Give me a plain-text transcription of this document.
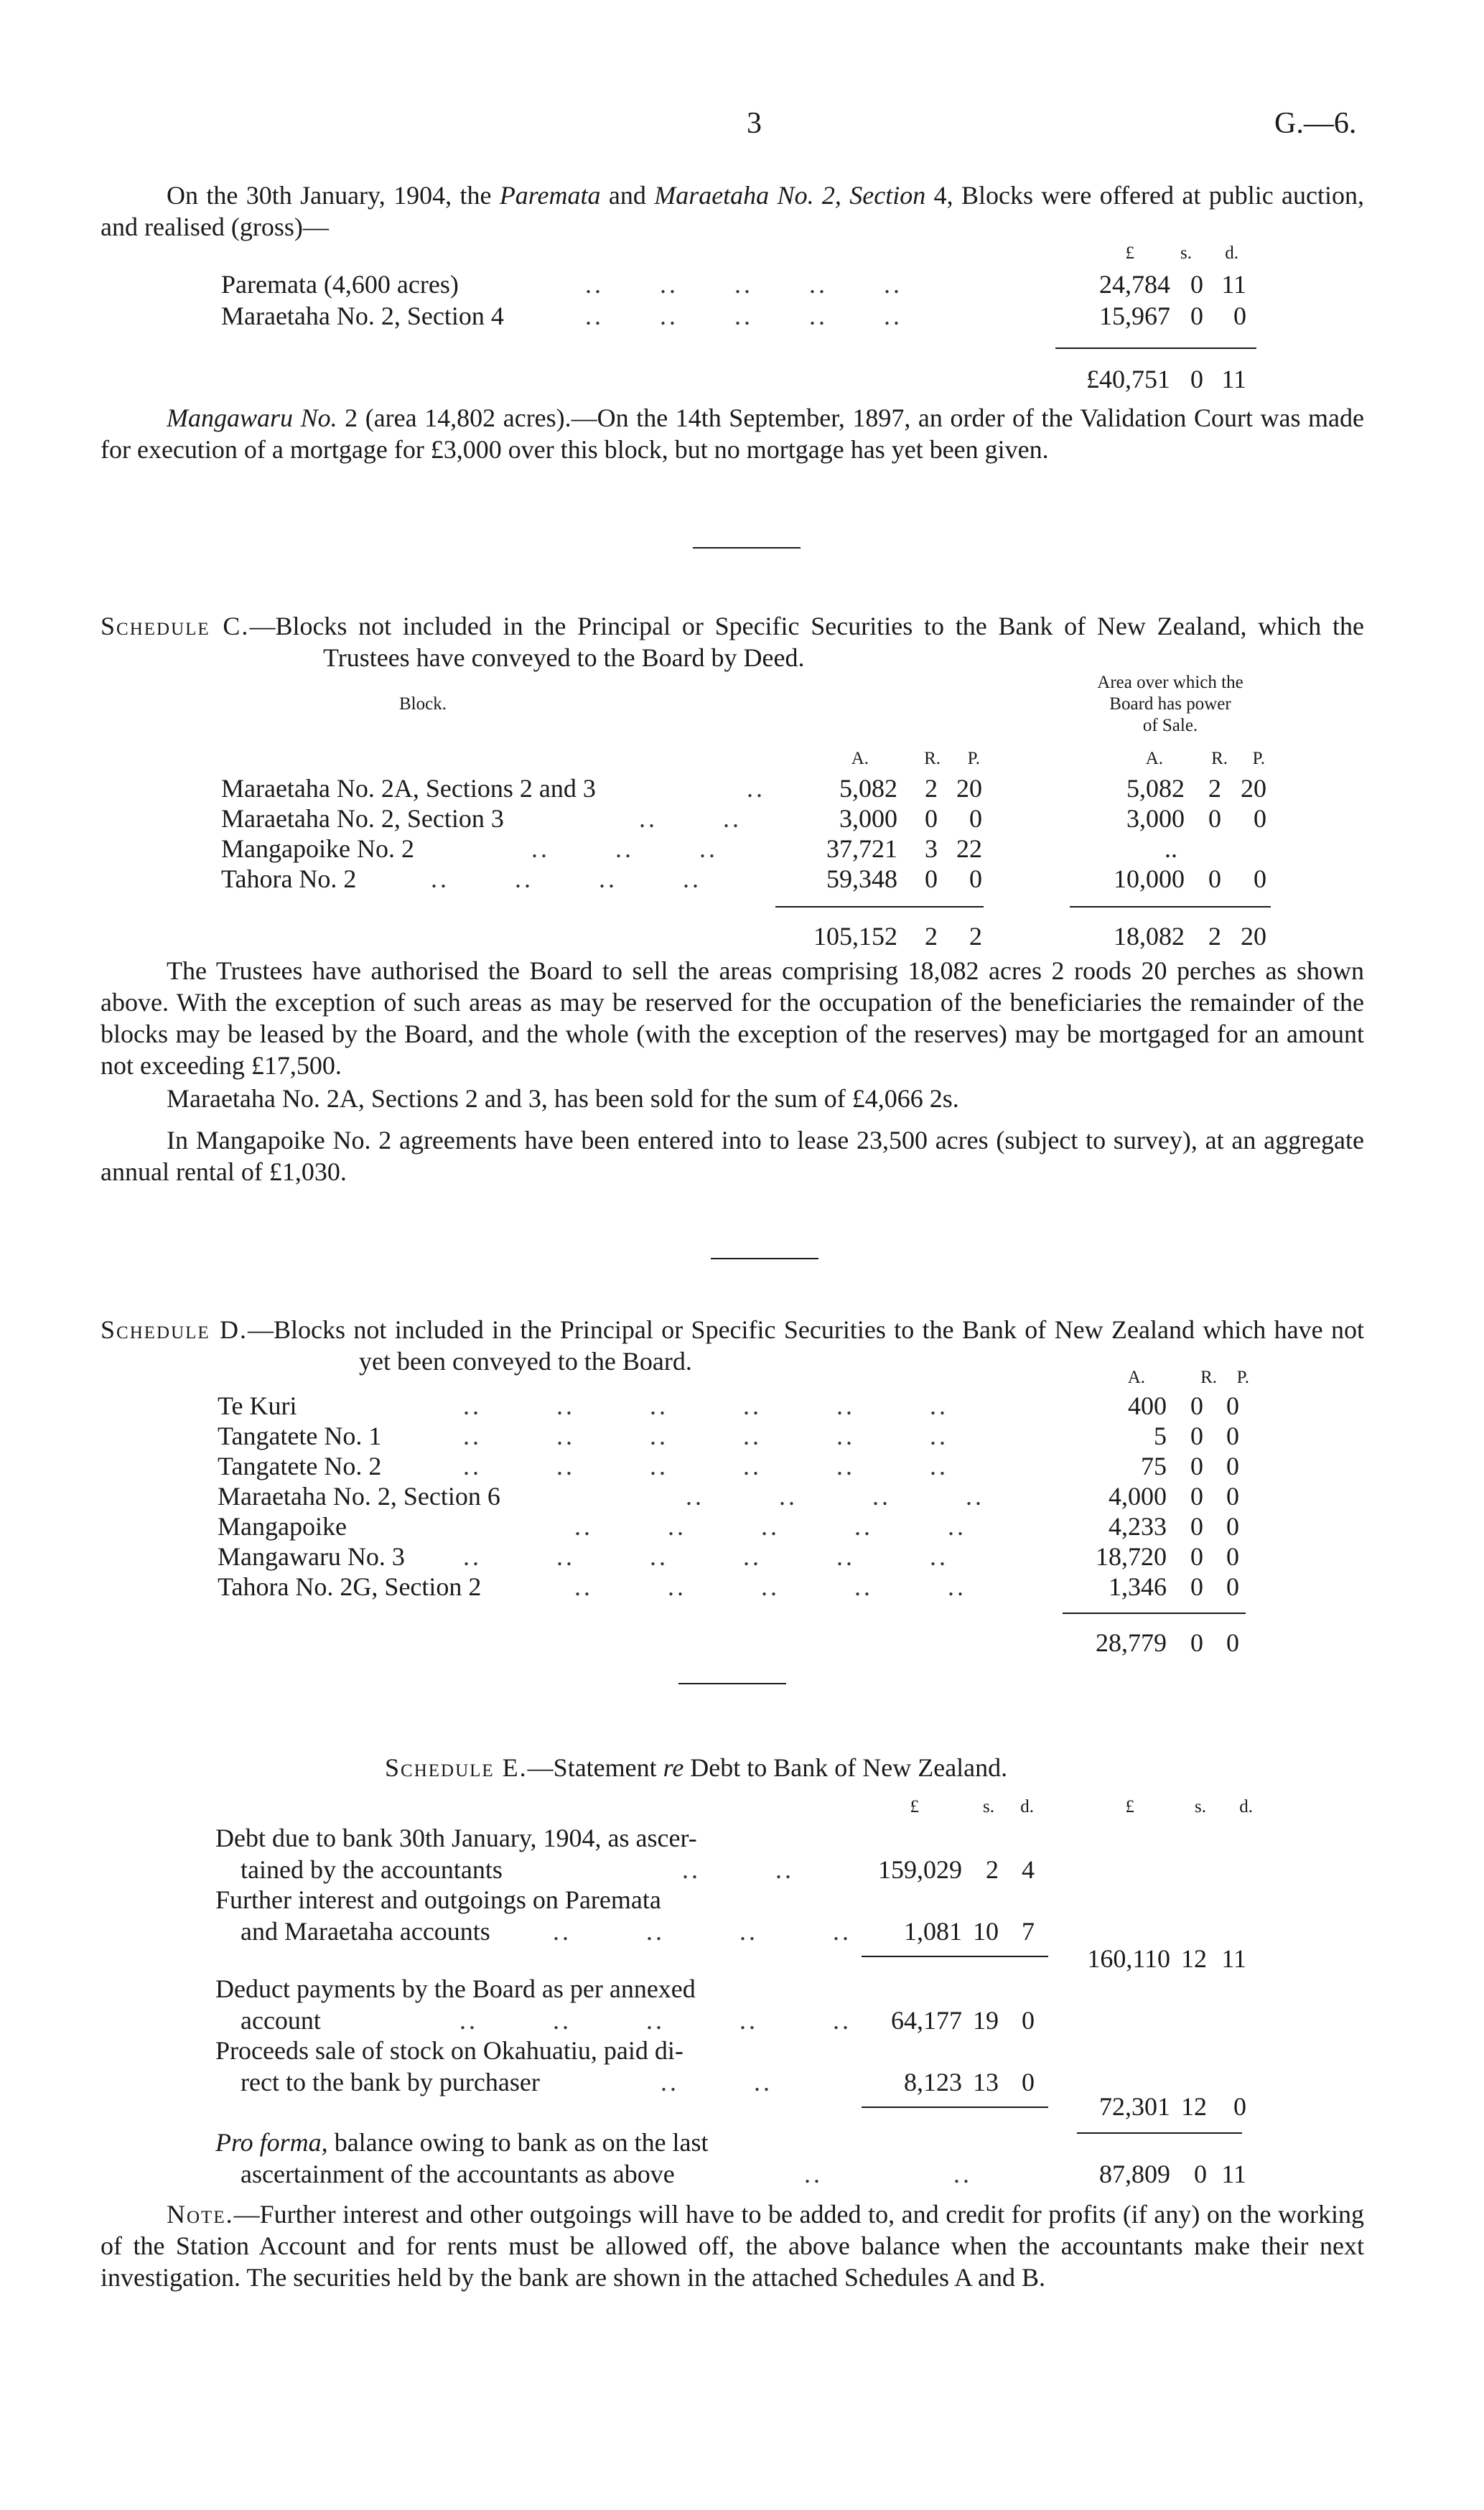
3	G.—6.
On the 30th January, 1904, the Paremata and Maraetaha No. 2, Section 4, Blocks were offered at public auction, and realised (gross)—
£	s.	d.
Paremata (4,600 acres)	..      ..      ..      ..      ..	24,784 0 11
Maraetaha No. 2, Section 4	..      ..      ..      ..      ..	15,967 0	0
£40,751 0 11
Mangawaru No. 2 (area 14,802 acres).—On the 14th September, 1897, an order of the Validation Court was made for execution of a mortgage for £3,000 over this block, but no mortgage has yet been given.
Schedule C.—Blocks not included in the Principal or Specific Securities to the Bank of New Zealand, which the Trustees have conveyed to the Board by Deed.
Block.
Area over which the
Board has power
of Sale.
A.	R.	P.	A.	R.	P.
Maraetaha No. 2A, Sections 2 and 3	..	5,082	2 20	5,082 2 20
Maraetaha No. 2, Section 3	..       ..	3,000	0	0	3,000 0	0
Mangapoike No. 2	..       ..       ..	37,721	3 22	..
Tahora No. 2	..       ..       ..       ..	59,348	0	0	10,000 0	0
105,152	2	2	18,082 2 20
The Trustees have authorised the Board to sell the areas comprising 18,082 acres 2 roods 20 perches as shown above. With the exception of such areas as may be reserved for the occupation of the beneficiaries the remainder of the blocks may be leased by the Board, and the whole (with the exception of the reserves) may be mortgaged for an amount not exceeding £17,500.
Maraetaha No. 2A, Sections 2 and 3, has been sold for the sum of £4,066 2s.
In Mangapoike No. 2 agreements have been entered into to lease 23,500 acres (subject to survey), at an aggregate annual rental of £1,030.
Schedule D.—Blocks not included in the Principal or Specific Securities to the Bank of New Zealand which have not yet been conveyed to the Board.
A.	R.	P.
Te Kuri	..        ..        ..        ..        ..        ..	400 0 0
Tangatete No. 1	..        ..        ..        ..        ..        ..	5 0 0
Tangatete No. 2	..        ..        ..        ..        ..        ..	75 0 0
Maraetaha No. 2, Section 6	..        ..        ..        ..	4,000 0 0
Mangapoike	..        ..        ..        ..        ..	4,233 0 0
Mangawaru No. 3 ..        ..        ..        ..        ..        ..	18,720 0 0
Tahora No. 2G, Section 2	..        ..        ..        ..        ..	1,346 0 0
28,779 0 0
Schedule E.—Statement re Debt to Bank of New Zealand.
£	s.	d.	£	s.	d.
Debt due to bank 30th January, 1904, as ascer-
tained by the accountants	..        ..	159,029 2 4
Further interest and outgoings on Paremata
and Maraetaha accounts ..        ..        ..        ..	1,081 10 7
160,110 12 11
Deduct payments by the Board as per annexed
account	..        ..        ..        ..        ..	64,177 19 0
Proceeds sale of stock on Okahuatiu, paid di-
rect to the bank by purchaser	..        ..	8,123 13 0
72,301 12	0
Pro forma, balance owing to bank as on the last
ascertainment of the accountants as above	..              ..	87,809 0 11
Note.—Further interest and other outgoings will have to be added to, and credit for profits (if any) on the working of the Station Account and for rents must be allowed off, the above balance when the accountants make their next investigation. The securities held by the bank are shown in the attached Schedules A and B.
